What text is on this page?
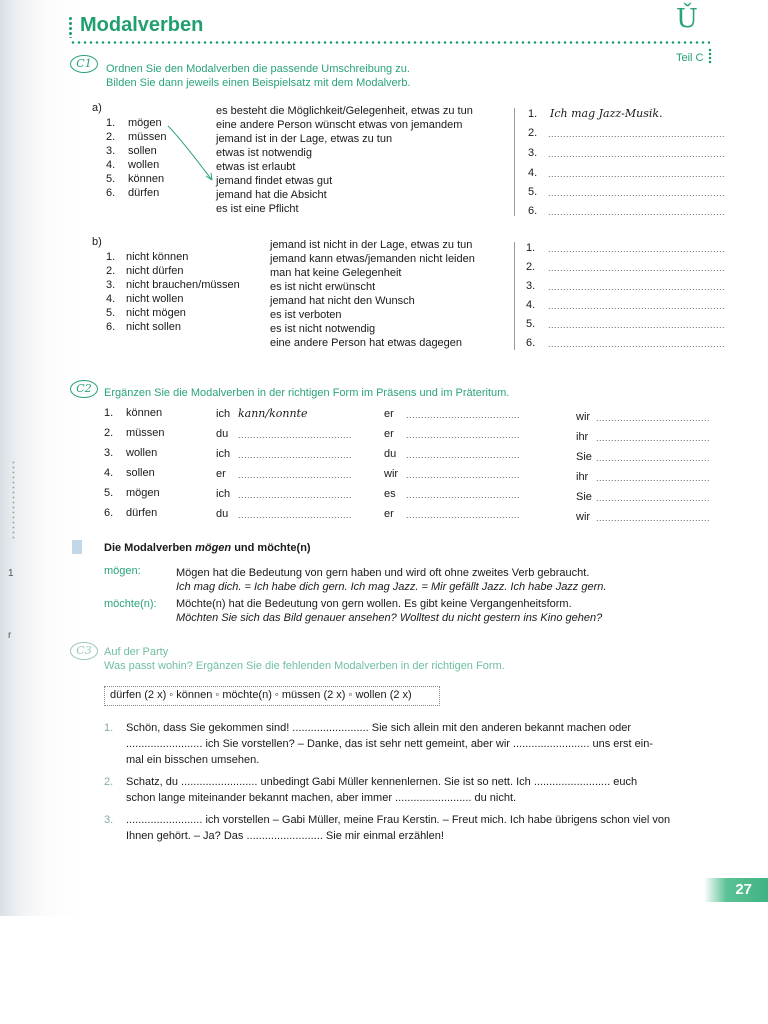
Modalverben	Ǔ
Teil C
C1	Ordnen Sie den Modalverben die passende Umschreibung zu.
Bilden Sie dann jeweils einen Beispielsatz mit dem Modalverb.
a)
1. mögen
2. müssen
3. sollen
4. wollen
5. können
6. dürfen
es besteht die Möglichkeit/Gelegenheit, etwas zu tun
eine andere Person wünscht etwas von jemandem
jemand ist in der Lage, etwas zu tun
etwas ist notwendig
etwas ist erlaubt
jemand findet etwas gut
jemand hat die Absicht
es ist eine Pflicht
1. Ich mag Jazz-Musik.
2. ...........................................................
3. ...........................................................
4. ...........................................................
5. ...........................................................
6. ...........................................................
b)
1. nicht können
2. nicht dürfen
3. nicht brauchen/müssen
4. nicht wollen
5. nicht mögen
6. nicht sollen
jemand ist nicht in der Lage, etwas zu tun
jemand kann etwas/jemanden nicht leiden
man hat keine Gelegenheit
es ist nicht erwünscht
jemand hat nicht den Wunsch
es ist verboten
es ist nicht notwendig
eine andere Person hat etwas dagegen
1. ...........................................................
2. ...........................................................
3. ...........................................................
4. ...........................................................
5. ...........................................................
6. ...........................................................
C2	Ergänzen Sie die Modalverben in der richtigen Form im Präsens und im Präteritum.
1. können	ich kann/konnte	er ......................................	wir ......................................
2. müssen	du ......................................	er ......................................	ihr ......................................
3. wollen	ich ......................................	du ......................................	Sie ......................................
4. sollen	er ......................................	wir ......................................	ihr ......................................
5. mögen	ich ......................................	es ......................................	Sie ......................................
6. dürfen	du ......................................	er ......................................	wir ......................................
Die Modalverben mögen und möchte(n)
mögen:	Mögen hat die Bedeutung von gern haben und wird oft ohne zweites Verb gebraucht.
Ich mag dich. = Ich habe dich gern. Ich mag Jazz. = Mir gefällt Jazz. Ich habe Jazz gern.
möchte(n): Möchte(n) hat die Bedeutung von gern wollen. Es gibt keine Vergangenheitsform.
Möchten Sie sich das Bild genauer ansehen? Wolltest du nicht gestern ins Kino gehen?
C3	Auf der Party
Was passt wohin? Ergänzen Sie die fehlenden Modalverben in der richtigen Form.
dürfen (2 x) ◦ können ◦ möchte(n) ◦ müssen (2 x) ◦ wollen (2 x)
1. Schön, dass Sie gekommen sind! ......................... Sie sich allein mit den anderen bekannt machen oder
......................... ich Sie vorstellen? – Danke, das ist sehr nett gemeint, aber wir ......................... uns erst ein-
mal ein bisschen umsehen.
2. Schatz, du ......................... unbedingt Gabi Müller kennenlernen. Sie ist so nett. Ich ......................... euch
schon lange miteinander bekannt machen, aber immer ......................... du nicht.
3. ......................... ich vorstellen – Gabi Müller, meine Frau Kerstin. – Freut mich. Ich habe übrigens schon viel von
Ihnen gehört. – Ja? Das ......................... Sie mir einmal erzählen!
1
r
27
